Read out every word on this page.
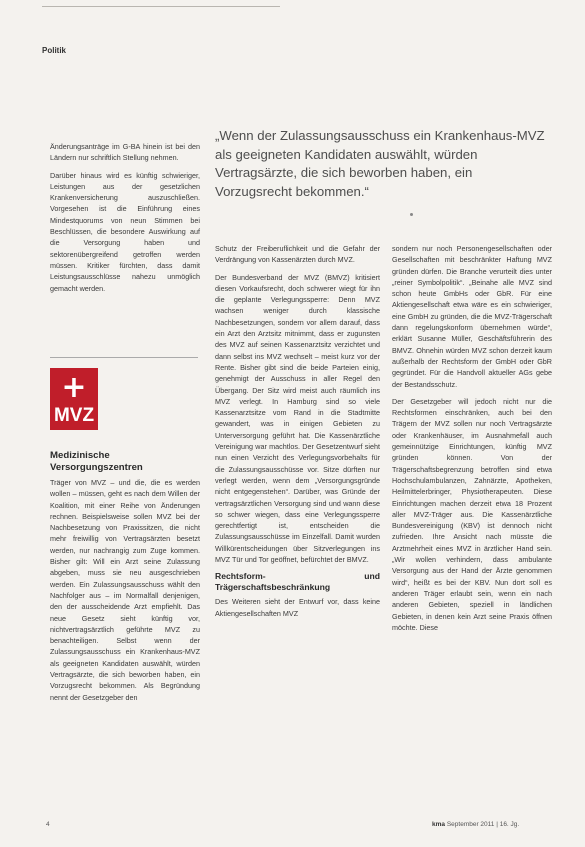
Politik

Änderungsanträge im G-BA hinein ist bei den Ländern nur schriftlich Stellung nehmen.

Darüber hinaus wird es künftig schwieriger, Leistungen aus der gesetzlichen Krankenversicherung auszuschließen. Vorgesehen ist die Einführung eines Mindestquorums von neun Stimmen bei Beschlüssen, die besondere Auswirkung auf die Versorgung haben und sektorenübergreifend getroffen werden müssen. Kritiker fürchten, dass damit Leistungsausschlüsse nahezu unmöglich gemacht werden.

+
MVZ
Medizinische Versorgungszentren

Träger von MVZ – und die, die es werden wollen – müssen, geht es nach dem Willen der Koalition, mit einer Reihe von Änderungen rechnen. Beispielsweise sollen MVZ bei der Nachbesetzung von Praxissitzen, die nicht mehr freiwillig von Vertragsärzten besetzt werden, nur nachrangig zum Zuge kommen. Bisher gilt: Will ein Arzt seine Zulassung abgeben, muss sie neu ausgeschrieben werden. Ein Zulassungsausschuss wählt den Nachfolger aus – im Normalfall denjenigen, den der ausscheidende Arzt empfiehlt. Das neue Gesetz sieht künftig vor, nichtvertragsärztlich geführte MVZ zu benachteiligen. Selbst wenn der Zulassungsausschuss ein Krankenhaus-MVZ als geeigneten Kandidaten auswählt, würden Vertragsärzte, die sich beworben haben, ein Vorzugsrecht bekommen. Als Begründung nennt der Gesetzgeber den

„Wenn der Zulassungsausschuss ein Krankenhaus-MVZ als geeigneten Kandidaten auswählt, würden Vertragsärzte, die sich beworben haben, ein Vorzugsrecht bekommen.“

Schutz der Freiberuflichkeit und die Gefahr der Verdrängung von Kassenärzten durch MVZ.

Der Bundesverband der MVZ (BMVZ) kritisiert diesen Vorkaufsrecht, doch schwerer wiegt für ihn die geplante Verlegungssperre: Denn MVZ wachsen weniger durch klassische Nachbesetzungen, sondern vor allem darauf, dass ein Arzt den Arztsitz mitnimmt, dass er zugunsten des MVZ auf seinen Kassenarztsitz verzichtet und dann selbst ins MVZ wechselt – meist kurz vor der Rente. Bisher gibt sind die beide Parteien einig, genehmigt der Ausschuss in aller Regel den Übergang. Der Sitz wird meist auch räumlich ins MVZ verlegt. In Hamburg sind so viele Kassenarztsitze vom Rand in die Stadtmitte gewandert, was in einigen Gebieten zu Unterversorgung geführt hat. Die Kassenärztliche Vereinigung war machtlos. Der Gesetzentwurf sieht nun einen Verzicht des Verlegungsvorbehalts für die Zulassungsausschüsse vor. Sitze dürften nur verlegt werden, wenn dem „Versorgungsgründe nicht entgegenstehen“. Darüber, was Gründe der vertragsärztlichen Versorgung sind und wann diese so schwer wiegen, dass eine Verlegungssperre gerechtfertigt ist, entscheiden die Zulassungsausschüsse im Einzelfall. Damit wurden Willkürentscheidungen über Sitzverlegungen ins MVZ Tür und Tor geöffnet, befürchtet der BMVZ.

Rechtsform- und Trägerschaftsbeschränkung

Des Weiteren sieht der Entwurf vor, dass keine Aktiengesellschaften MVZ

sondern nur noch Personengesellschaften oder Gesellschaften mit beschränkter Haftung MVZ gründen dürfen. Die Branche verurteilt dies unter „reiner Symbolpolitik“. „Beinahe alle MVZ sind schon heute GmbHs oder GbR. Für eine Aktiengesellschaft etwa wäre es ein schwieriger, eine GmbH zu gründen, die die MVZ-Trägerschaft dann regelungskonform übernehmen würde“, erklärt Susanne Müller, Geschäftsführerin des BMVZ. Ohnehin würden MVZ schon derzeit kaum außerhalb der Rechtsform der GmbH oder GbR gegründet. Für die Handvoll aktueller AGs gebe der Bestandsschutz.

Der Gesetzgeber will jedoch nicht nur die Rechtsformen einschränken, auch bei den Trägern der MVZ sollen nur noch Vertragsärzte oder Krankenhäuser, im Ausnahmefall auch gemeinnützige Einrichtungen, künftig MVZ gründen können. Von der Trägerschaftsbegrenzung betroffen sind etwa Hochschulambulanzen, Zahnärzte, Apotheken, Heilmittelerbringer, Physiotherapeuten. Diese Einrichtungen machen derzeit etwa 18 Prozent aller MVZ-Träger aus. Die Kassenärztliche Bundesvereinigung (KBV) ist dennoch nicht zufrieden. Ihre Ansicht nach müsste die Arztmehrheit eines MVZ in ärztlicher Hand sein. „Wir wollen verhindern, dass ambulante Versorgung aus der Hand der Ärzte genommen wird“, heißt es bei der KBV. Nun dort soll es anderen Träger erlaubt sein, wenn ein nach anderen Gebieten, speziell in ländlichen Gebieten, in denen kein Arzt seine Praxis öffnen möchte. Diese

4	kma September 2011 | 16. Jg.
